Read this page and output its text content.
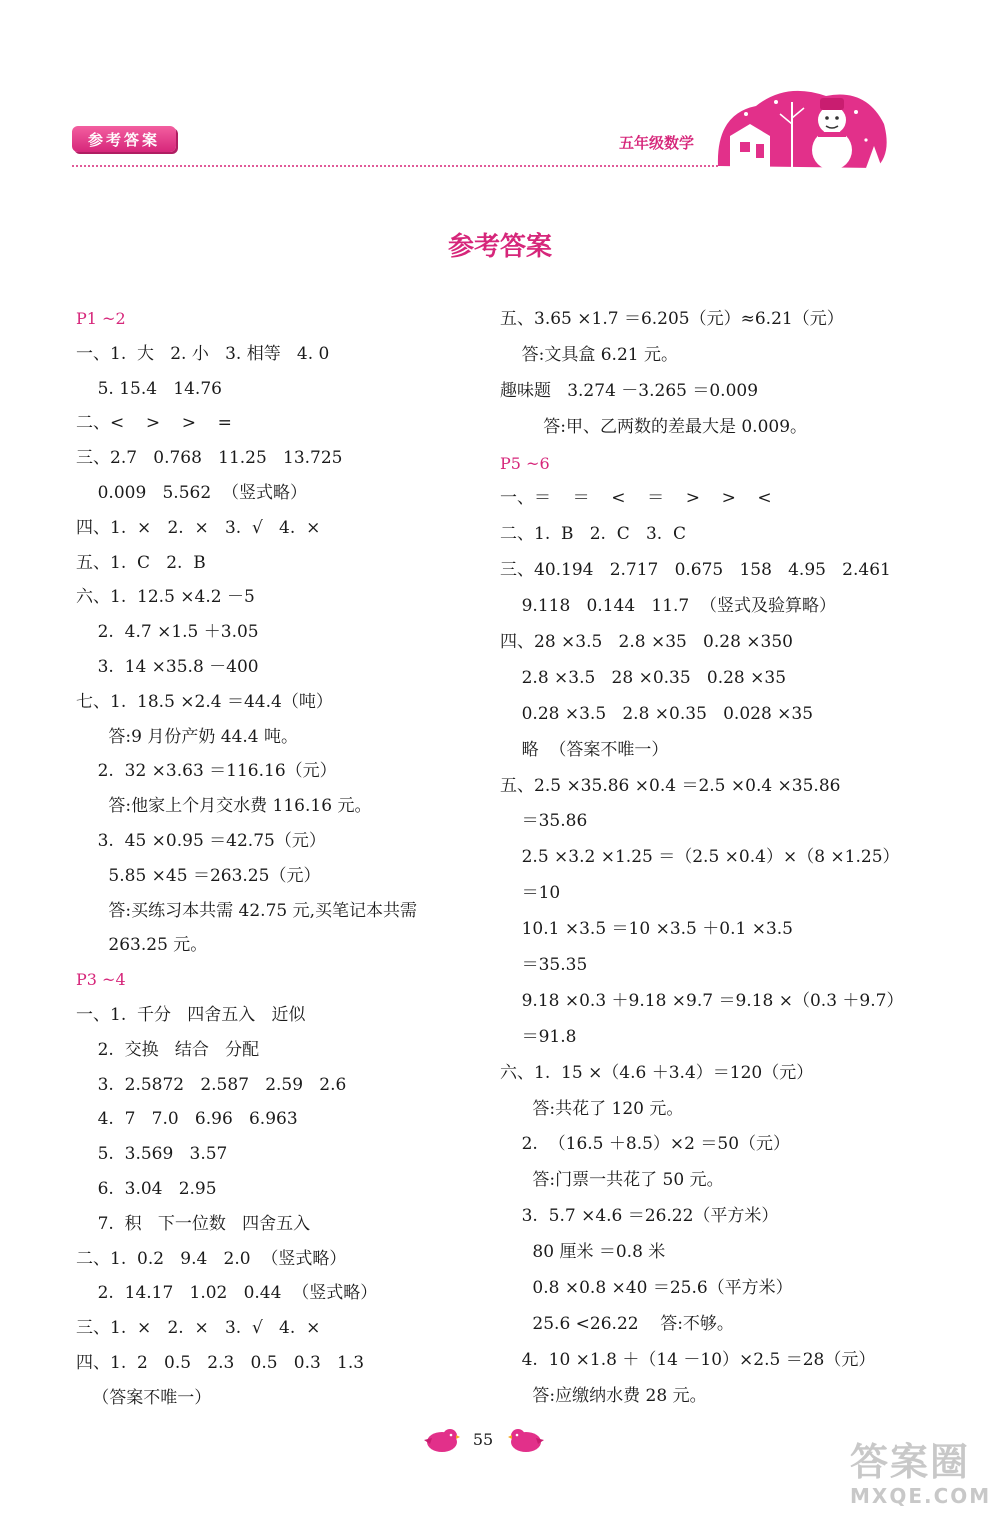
参考答案	五年级数学
参考答案
P1 ~2
一、1.  大   2. 小   3. 相等   4. 0
5. 15.4   14.76
二、<    >    >    =
三、2.7   0.768   11.25   13.725
0.009   5.562  （竖式略）
四、1.  ×   2.  ×   3.  √   4.  ×
五、1.  C   2.  B
六、1.  12.5 ×4.2 －5
2.  4.7 ×1.5 ＋3.05
3.  14 ×35.8 －400
七、1.  18.5 ×2.4 ＝44.4（吨）
答:9 月份产奶 44.4 吨。
2.  32 ×3.63 ＝116.16（元）
答:他家上个月交水费 116.16 元。
3.  45 ×0.95 ＝42.75（元）
5.85 ×45 ＝263.25（元）
答:买练习本共需 42.75 元,买笔记本共需
263.25 元。
P3 ~4
一、1.  千分   四舍五入   近似
2.  交换   结合   分配
3.  2.5872   2.587   2.59   2.6
4.  7   7.0   6.96   6.963
5.  3.569   3.57
6.  3.04   2.95
7.  积   下一位数   四舍五入
二、1.  0.2   9.4   2.0  （竖式略）
2.  14.17   1.02   0.44  （竖式略）
三、1.  ×   2.  ×   3.  √   4.  ×
四、1.  2   0.5   2.3   0.5   0.3   1.3
（答案不唯一）
五、3.65 ×1.7 ＝6.205（元）≈6.21（元）
答:文具盒 6.21 元。
趣味题   3.274 －3.265 ＝0.009
答:甲、乙两数的差最大是 0.009。
P5 ~6
一、＝    ＝    <    ＝    >    >    <
二、1.  B   2.  C   3.  C
三、40.194   2.717   0.675   158   4.95   2.461
9.118   0.144   11.7  （竖式及验算略）
四、28 ×3.5   2.8 ×35   0.28 ×350
2.8 ×3.5   28 ×0.35   0.28 ×35
0.28 ×3.5   2.8 ×0.35   0.028 ×35
略  （答案不唯一）
五、2.5 ×35.86 ×0.4 ＝2.5 ×0.4 ×35.86
＝35.86
2.5 ×3.2 ×1.25 ＝（2.5 ×0.4）×（8 ×1.25）
＝10
10.1 ×3.5 ＝10 ×3.5 ＋0.1 ×3.5
＝35.35
9.18 ×0.3 ＋9.18 ×9.7 ＝9.18 ×（0.3 ＋9.7）
＝91.8
六、1.  15 ×（4.6 ＋3.4）＝120（元）
答:共花了 120 元。
2.  （16.5 ＋8.5）×2 ＝50（元）
答:门票一共花了 50 元。
3.  5.7 ×4.6 ＝26.22（平方米）
80 厘米 ＝0.8 米
0.8 ×0.8 ×40 ＝25.6（平方米）
25.6 <26.22    答:不够。
4.  10 ×1.8 ＋（14 －10）×2.5 ＝28（元）
答:应缴纳水费 28 元。
55
答案圈
MXQE.COM
